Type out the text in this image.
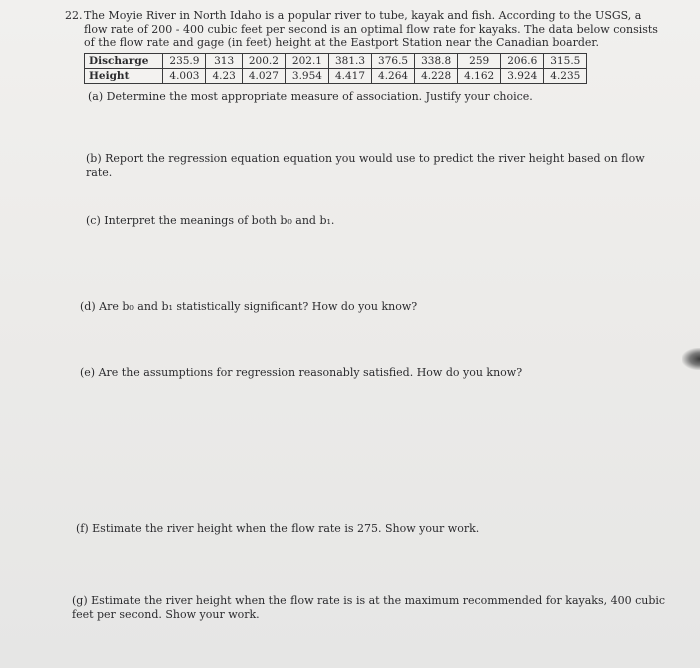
22. The Moyie River in North Idaho is a popular river to tube, kayak and fish. According to the USGS, a flow rate of 200 - 400 cubic feet per second is an optimal flow rate for kayaks. The data below consists of the flow rate and gage (in feet) height at the Eastport Station near the Canadian boarder.
Discharge	235.9	313	200.2	202.1	381.3	376.5	338.8	259	206.6	315.5
Height	4.003	4.23	4.027	3.954	4.417	4.264	4.228	4.162	3.924	4.235
(a) Determine the most appropriate measure of association. Justify your choice.
(b) Report the regression equation equation you would use to predict the river height based on flow rate.
(c) Interpret the meanings of both b₀ and b₁.
(d) Are b₀ and b₁ statistically significant? How do you know?
(e) Are the assumptions for regression reasonably satisfied. How do you know?
(f) Estimate the river height when the flow rate is 275. Show your work.
(g) Estimate the river height when the flow rate is is at the maximum recommended for kayaks, 400 cubic feet per second. Show your work.
